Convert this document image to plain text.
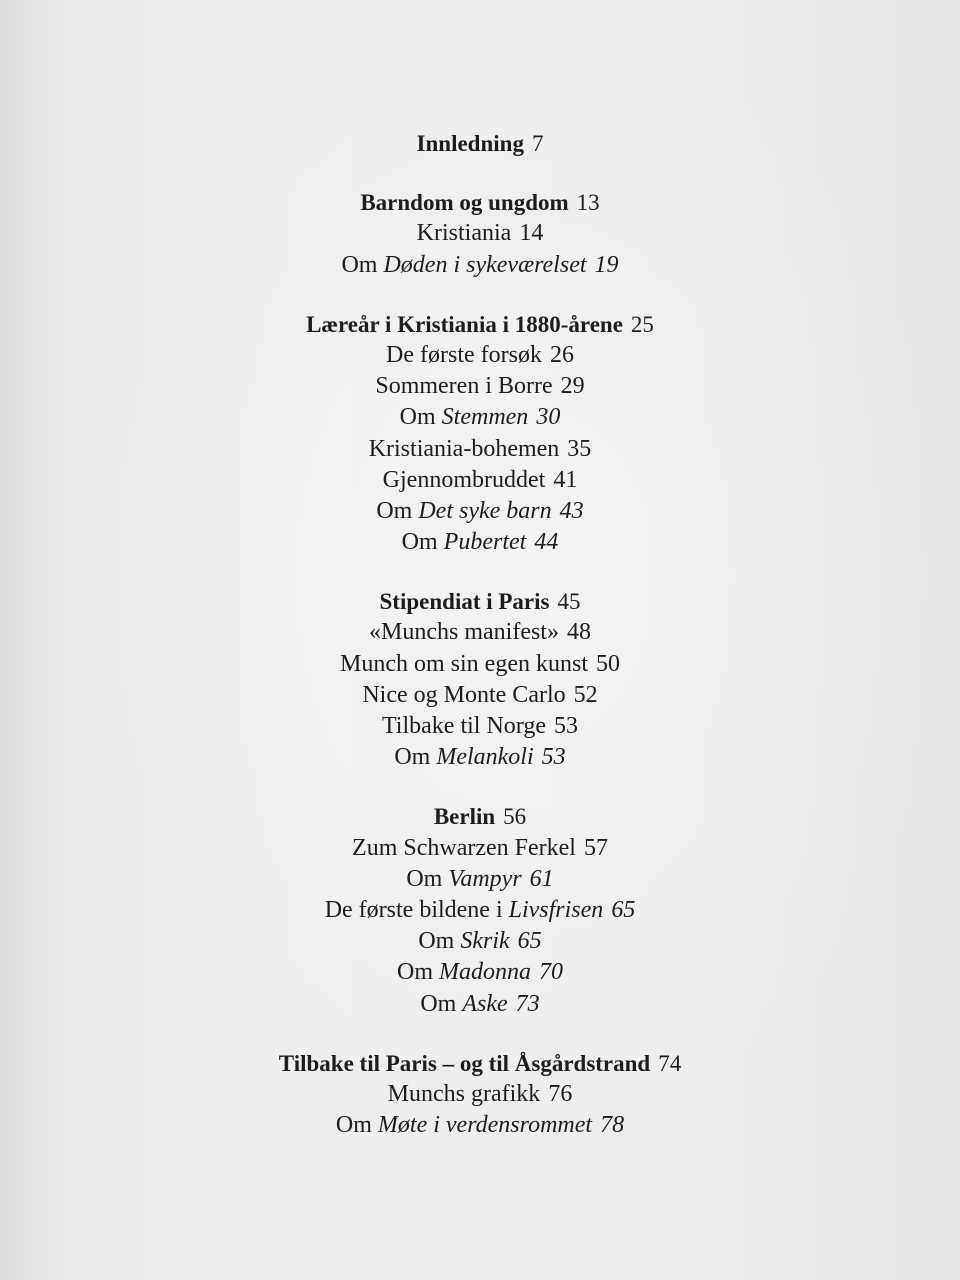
Innledning 7
Barndom og ungdom 13
Kristiania 14
Om Døden i sykeværelset 19
Læreår i Kristiania i 1880-årene 25
De første forsøk 26
Sommeren i Borre 29
Om Stemmen 30
Kristiania-bohemen 35
Gjennombruddet 41
Om Det syke barn 43
Om Pubertet 44
Stipendiat i Paris 45
«Munchs manifest» 48
Munch om sin egen kunst 50
Nice og Monte Carlo 52
Tilbake til Norge 53
Om Melankoli 53
Berlin 56
Zum Schwarzen Ferkel 57
Om Vampyr 61
De første bildene i Livsfrisen 65
Om Skrik 65
Om Madonna 70
Om Aske 73
Tilbake til Paris – og til Åsgårdstrand 74
Munchs grafikk 76
Om Møte i verdensrommet 78
